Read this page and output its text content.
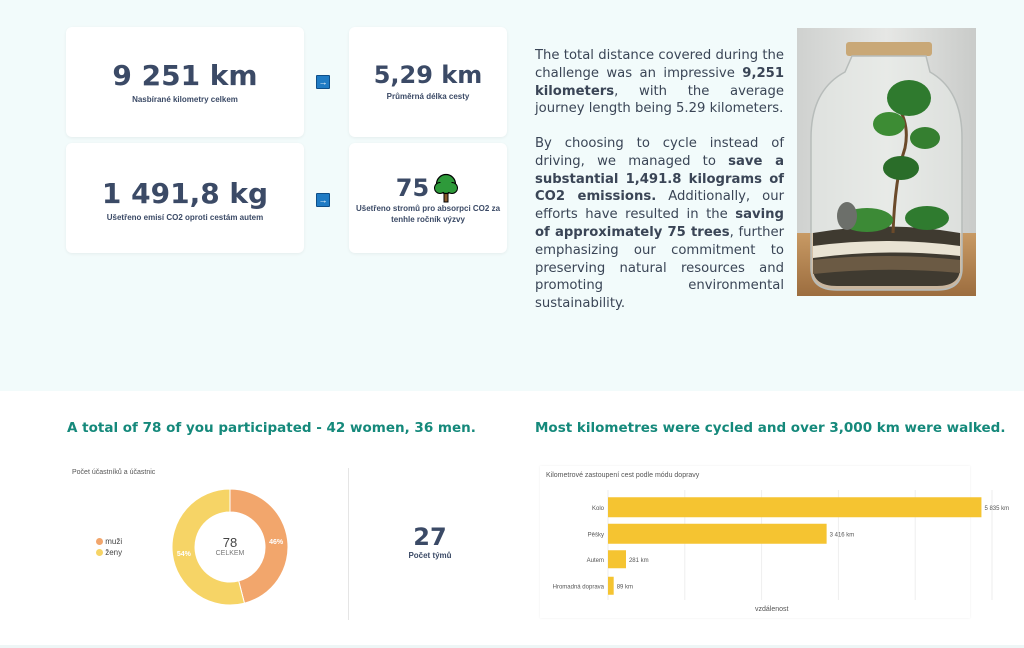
9 251 km
Nasbírané kilometry celkem
→	5,29 km
Průměrná délka cesty
1 491,8 kg
Ušetřeno emisí CO2 oproti cestám autem
→	75
Ušetřeno stromů pro absorpci CO2 za
tenhle ročník výzvy
The total distance covered during the challenge was an impressive 9,251 kilometers, with the average journey length being 5.29 kilometers.
By choosing to cycle instead of driving, we managed to save a substantial 1,491.8 kilograms of CO2 emissions. Additionally, our efforts have resulted in the saving of approximately 75 trees, further emphasizing our commitment to preserving natural resources and promoting environmental sustainability.
A total of 78 of you participated - 42 women, 36 men.	Most kilometres were cycled and over 3,000 km were walked.
Počet účastníků a účastnic
muži
ženy
46%
54%
78
CELKEM
27
Počet týmů
Kilometrové zastoupení cest podle módu dopravy
Kolo	5 835 km
Pěšky	3 416 km
Autem	281 km
Hromadná doprava 89 km
vzdálenost
